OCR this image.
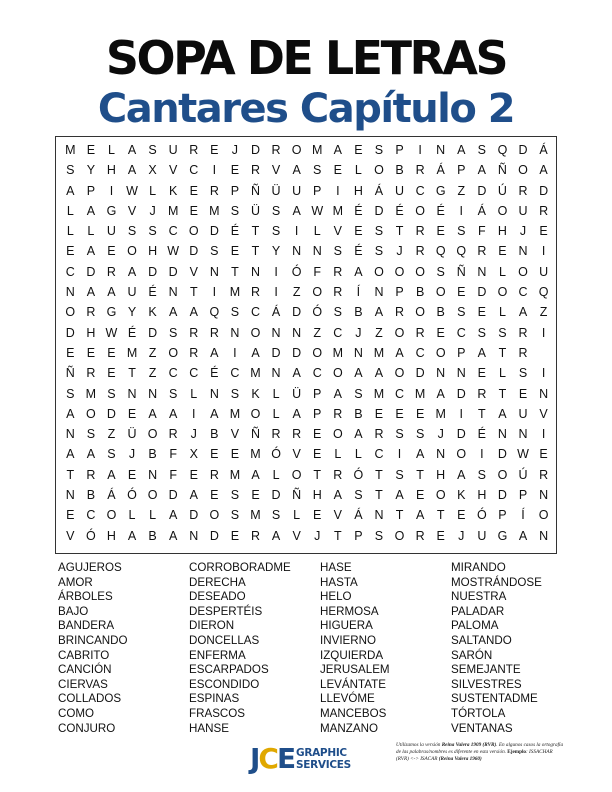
SOPA DE LETRAS
Cantares Capítulo 2
M E	L	A S U R E	J	D R O M A E S P	I	N A S Q D Á
S Y H A X V C	I	E R V A S E	L O B R Á P A Ñ O A
A P	I	W L	K E R P Ñ Ü U P	I	H Á U C G Z D Ú R D
L	A G V	J M E M S Ü S A W M É D É O É	I	Á O U R
L	L	U S S C O D É	T	S	I	L	V E S	T R E S	F H	J	E
E A E O H W D S E	T	Y N N S É S	J	R Q Q R E N	I
C D R A D D V N T N	I	Ó F R A O O O S Ñ N	L O U
N A A U É N T	I	M R	I	Z O R	Í	N P B O E D O C Q
O R G Y K A A Q S C Á D Ó S B A R O B S E	L	A	Z
D H W É D S R R N O N N Z C	J	Z O R E C S S R	I
E E E M Z O R A	I	A D D O M N M A C O P A	T R
Ñ R E	T	Z C C É C M N A C O A A O D N N E	L	S	I
S M S N N S	L	N S K	L	Ü P A S M C M A D R T	E N
A O D E A A	I	A M O L	A P R B E E E M	I	T	A U V
N S	Z Ü O R	J	B V Ñ R R E O A R S S	J	D É N N	I
A A S	J	B	F	X E E M Ó V E	L	L	C	I	A N O	I	D W E
T R A E N F	E R M A	L O T R Ó T	S	T H A S O Ú R
N B Á Ó O D A E S E D Ñ H A S	T	A E O K H D P N
E C O L	L	A D O S M S	L	E V Á N T	A	T	E Ó P	Í	O
V Ó H A B A N D E R A V	J	T	P S O R E	J	U G A N
AGUJEROS
AMOR
ÁRBOLES
BAJO
BANDERA
BRINCANDO
CABRITO
CANCIÓN
CIERVAS
COLLADOS
COMO
CONJURO
CORROBORADME
DERECHA
DESEADO
DESPERTÉIS
DIERON
DONCELLAS
ENFERMA
ESCARPADOS
ESCONDIDO
ESPINAS
FRASCOS
HANSE
HASE
HASTA
HELO
HERMOSA
HIGUERA
INVIERNO
IZQUIERDA
JERUSALEM
LEVÁNTATE
LLEVÓME
MANCEBOS
MANZANO
MIRANDO
MOSTRÁNDOSE
NUESTRA
PALADAR
PALOMA
SALTANDO
SARÓN
SEMEJANTE
SILVESTRES
SUSTENTADME
TÓRTOLA
VENTANAS
JCE GRAPHIC
SERVICES
Utilizamos la versión Reina Valera 1909 (RVR). En algunos casos la ortografía de las palabras/nombres es diferente en esta versión. Ejemplo: ISSACHAR (RVR) <-> ISACAR (Reina Valera 1960)
